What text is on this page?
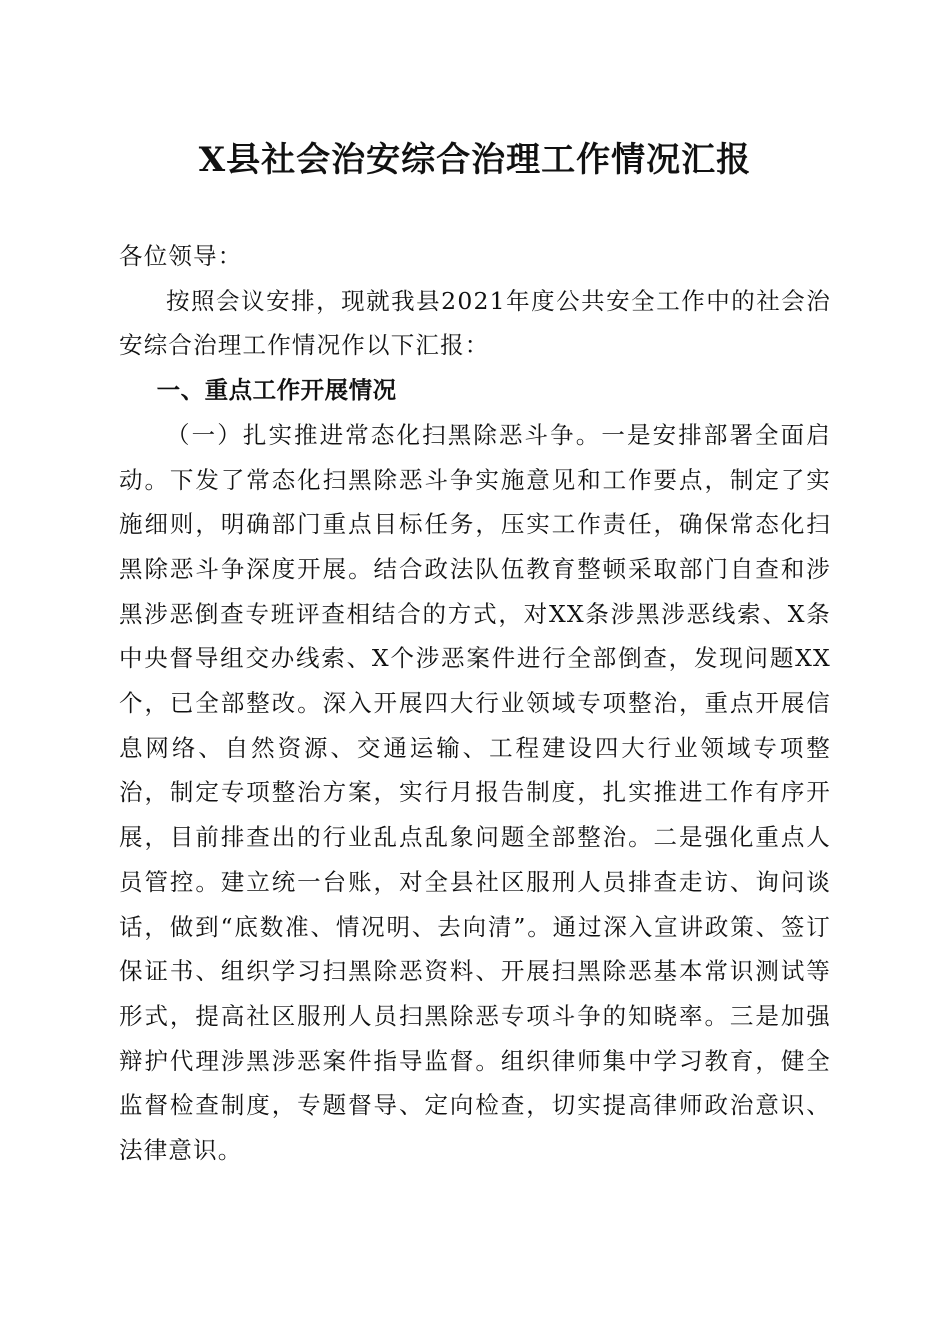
X县社会治安综合治理工作情况汇报

各位领导：

按照会议安排，现就我县2021年度公共安全工作中的社会治安综合治理工作情况作以下汇报：

一、重点工作开展情况

（一）扎实推进常态化扫黑除恶斗争。一是安排部署全面启动。下发了常态化扫黑除恶斗争实施意见和工作要点，制定了实施细则，明确部门重点目标任务，压实工作责任，确保常态化扫黑除恶斗争深度开展。结合政法队伍教育整顿采取部门自查和涉黑涉恶倒查专班评查相结合的方式，对XX条涉黑涉恶线索、X条中央督导组交办线索、X个涉恶案件进行全部倒查，发现问题XX个，已全部整改。深入开展四大行业领域专项整治，重点开展信息网络、自然资源、交通运输、工程建设四大行业领域专项整治，制定专项整治方案，实行月报告制度，扎实推进工作有序开展，目前排查出的行业乱点乱象问题全部整治。二是强化重点人员管控。建立统一台账，对全县社区服刑人员排查走访、询问谈话，做到“底数准、情况明、去向清”。通过深入宣讲政策、签订保证书、组织学习扫黑除恶资料、开展扫黑除恶基本常识测试等形式，提高社区服刑人员扫黑除恶专项斗争的知晓率。三是加强辩护代理涉黑涉恶案件指导监督。组织律师集中学习教育，健全监督检查制度，专题督导、定向检查，切实提高律师政治意识、法律意识。
